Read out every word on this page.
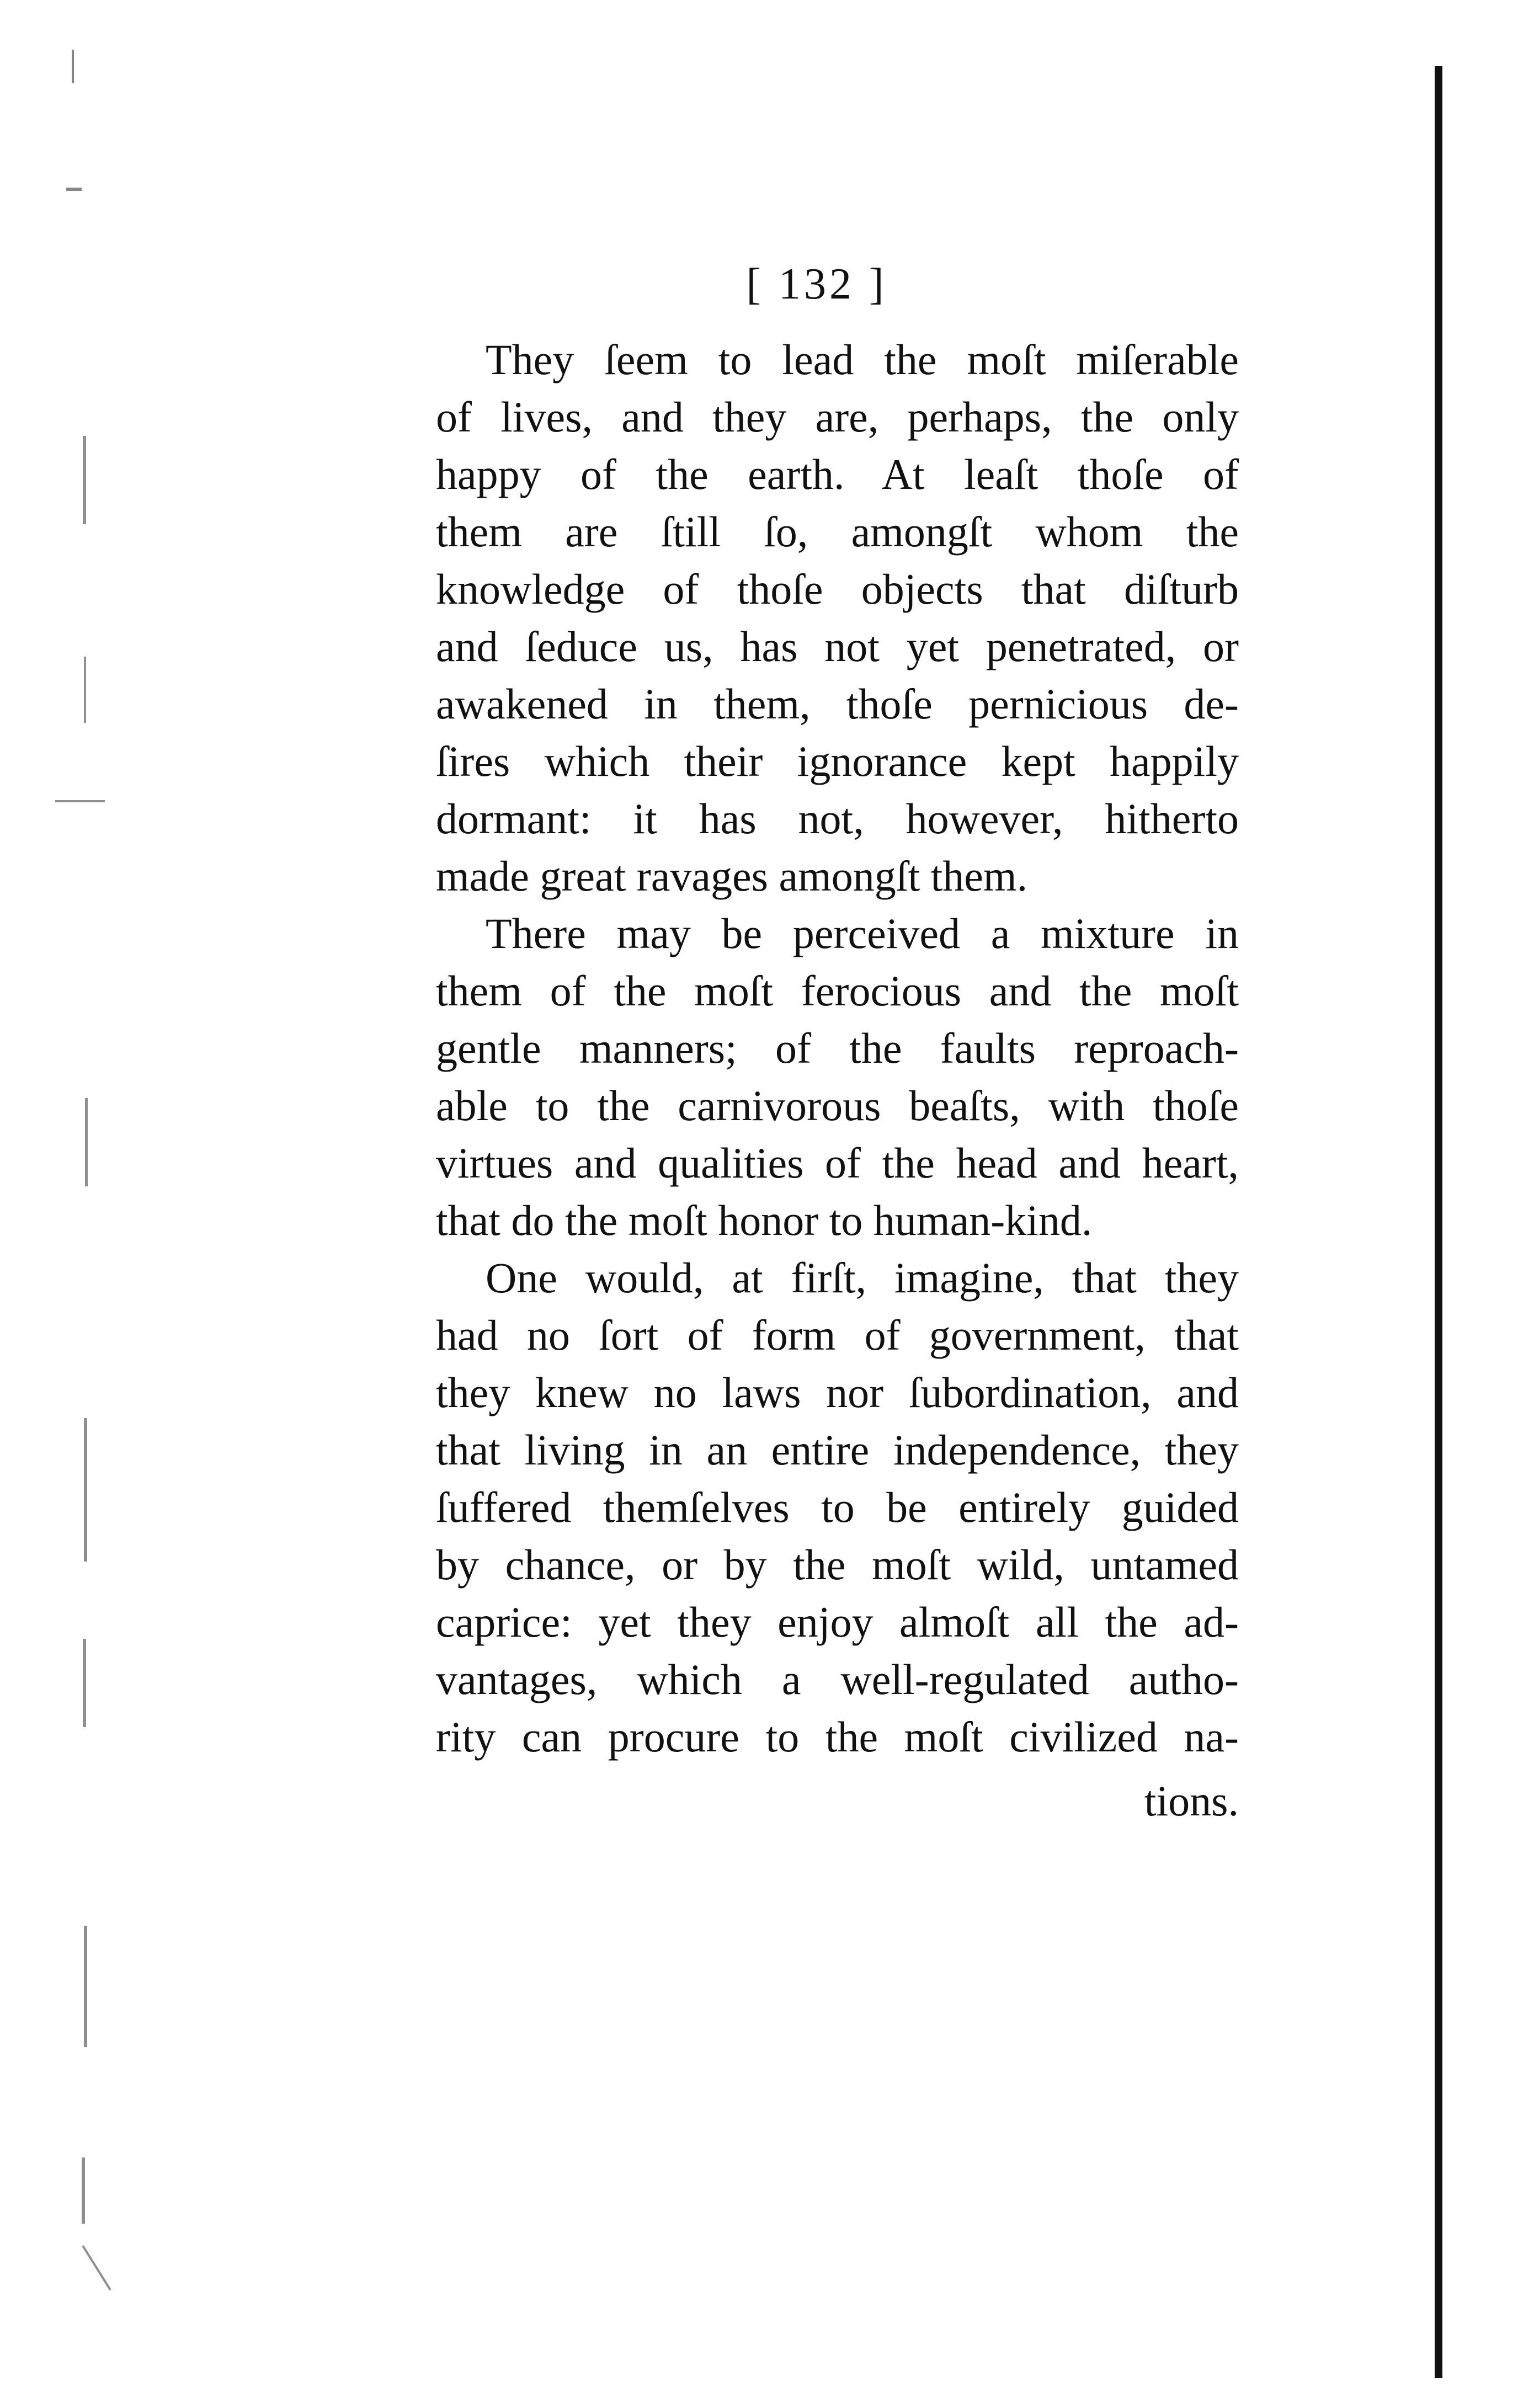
[ 132 ]

They ſeem to lead the moſt miſerable
of lives, and they are, perhaps, the only
happy of the earth. At leaſt thoſe of
them are ſtill ſo, amongſt whom the
knowledge of thoſe objects that diſturb
and ſeduce us, has not yet penetrated, or
awakened in them, thoſe pernicious de-
ſires which their ignorance kept happily
dormant: it has not, however, hitherto
made great ravages amongſt them.

There may be perceived a mixture in
them of the moſt ferocious and the moſt
gentle manners; of the faults reproach-
able to the carnivorous beaſts, with thoſe
virtues and qualities of the head and heart,
that do the moſt honor to human-kind.

One would, at firſt, imagine, that they
had no ſort of form of government, that
they knew no laws nor ſubordination, and
that living in an entire independence, they
ſuffered themſelves to be entirely guided
by chance, or by the moſt wild, untamed
caprice: yet they enjoy almoſt all the ad-
vantages, which a well-regulated autho-
rity can procure to the moſt civilized na-

tions.
